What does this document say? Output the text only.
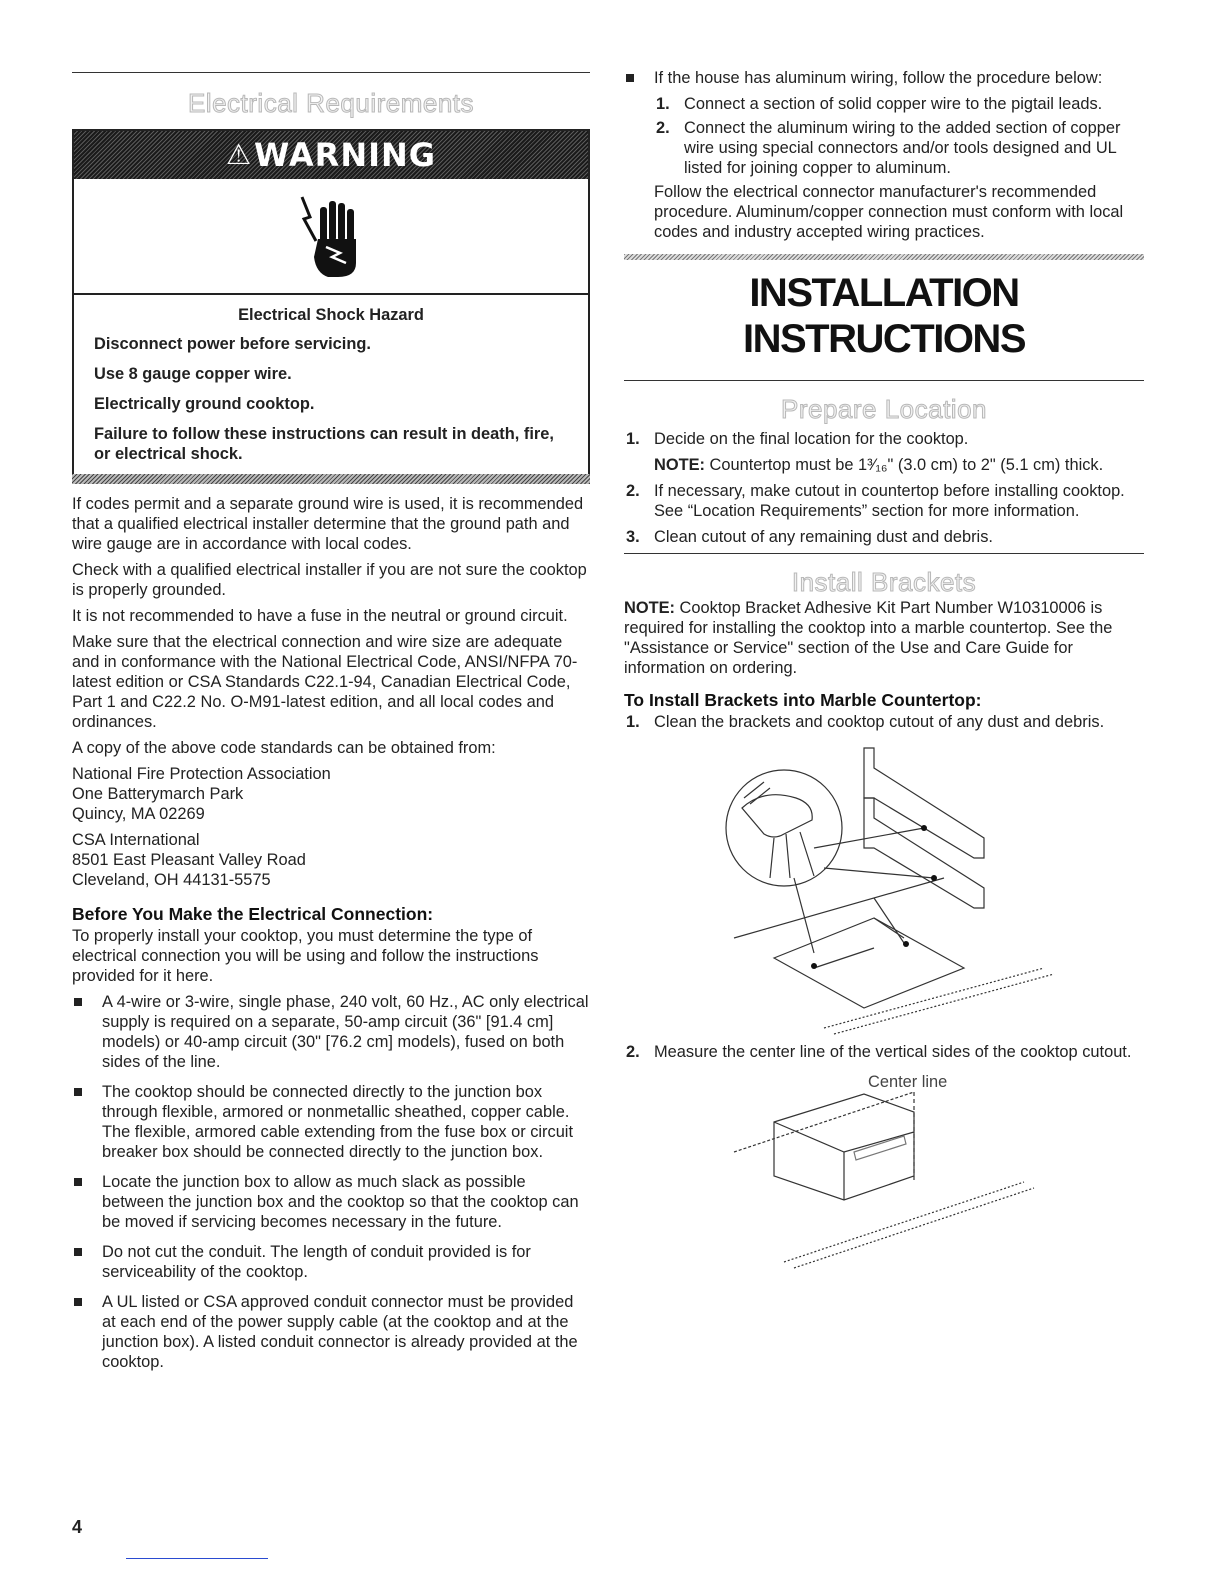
Electrical Requirements
⚠ WARNING

Electrical Shock Hazard

Disconnect power before servicing.

Use 8 gauge copper wire.

Electrically ground cooktop.

Failure to follow these instructions can result in death, fire, or electrical shock.

If codes permit and a separate ground wire is used, it is recommended that a qualified electrical installer determine that the ground path and wire gauge are in accordance with local codes.

Check with a qualified electrical installer if you are not sure the cooktop is properly grounded.

It is not recommended to have a fuse in the neutral or ground circuit.

Make sure that the electrical connection and wire size are adequate and in conformance with the National Electrical Code, ANSI/NFPA 70-latest edition or CSA Standards C22.1-94, Canadian Electrical Code, Part 1 and C22.2 No. O-M91-latest edition, and all local codes and ordinances.

A copy of the above code standards can be obtained from:

National Fire Protection Association
One Batterymarch Park
Quincy, MA 02269

CSA International
8501 East Pleasant Valley Road
Cleveland, OH 44131-5575

Before You Make the Electrical Connection:

To properly install your cooktop, you must determine the type of electrical connection you will be using and follow the instructions provided for it here.

A 4-wire or 3-wire, single phase, 240 volt, 60 Hz., AC only electrical supply is required on a separate, 50-amp circuit (36" [91.4 cm] models) or 40-amp circuit (30" [76.2 cm] models), fused on both sides of the line.
The cooktop should be connected directly to the junction box through flexible, armored or nonmetallic sheathed, copper cable. The flexible, armored cable extending from the fuse box or circuit breaker box should be connected directly to the junction box.
Locate the junction box to allow as much slack as possible between the junction box and the cooktop so that the cooktop can be moved if servicing becomes necessary in the future.
Do not cut the conduit. The length of conduit provided is for serviceability of the cooktop.
A UL listed or CSA approved conduit connector must be provided at each end of the power supply cable (at the cooktop and at the junction box). A listed conduit connector is already provided at the cooktop.
If the house has aluminum wiring, follow the procedure below:
1. Connect a section of solid copper wire to the pigtail leads.
2. Connect the aluminum wiring to the added section of copper wire using special connectors and/or tools designed and UL listed for joining copper to aluminum.

Follow the electrical connector manufacturer's recommended procedure. Aluminum/copper connection must conform with local codes and industry accepted wiring practices.

INSTALLATION INSTRUCTIONS
Prepare Location
1. Decide on the final location for the cooktop.
NOTE: Countertop must be 1³⁄₁₆" (3.0 cm) to 2" (5.1 cm) thick.
2. If necessary, make cutout in countertop before installing cooktop. See “Location Requirements” section for more information.
3. Clean cutout of any remaining dust and debris.
Install Brackets

NOTE: Cooktop Bracket Adhesive Kit Part Number W10310006 is required for installing the cooktop into a marble countertop. See the "Assistance or Service" section of the Use and Care Guide for information on ordering.

To Install Brackets into Marble Countertop:
1. Clean the brackets and cooktop cutout of any dust and debris.
2. Measure the center line of the vertical sides of the cooktop cutout.
Center line
4
